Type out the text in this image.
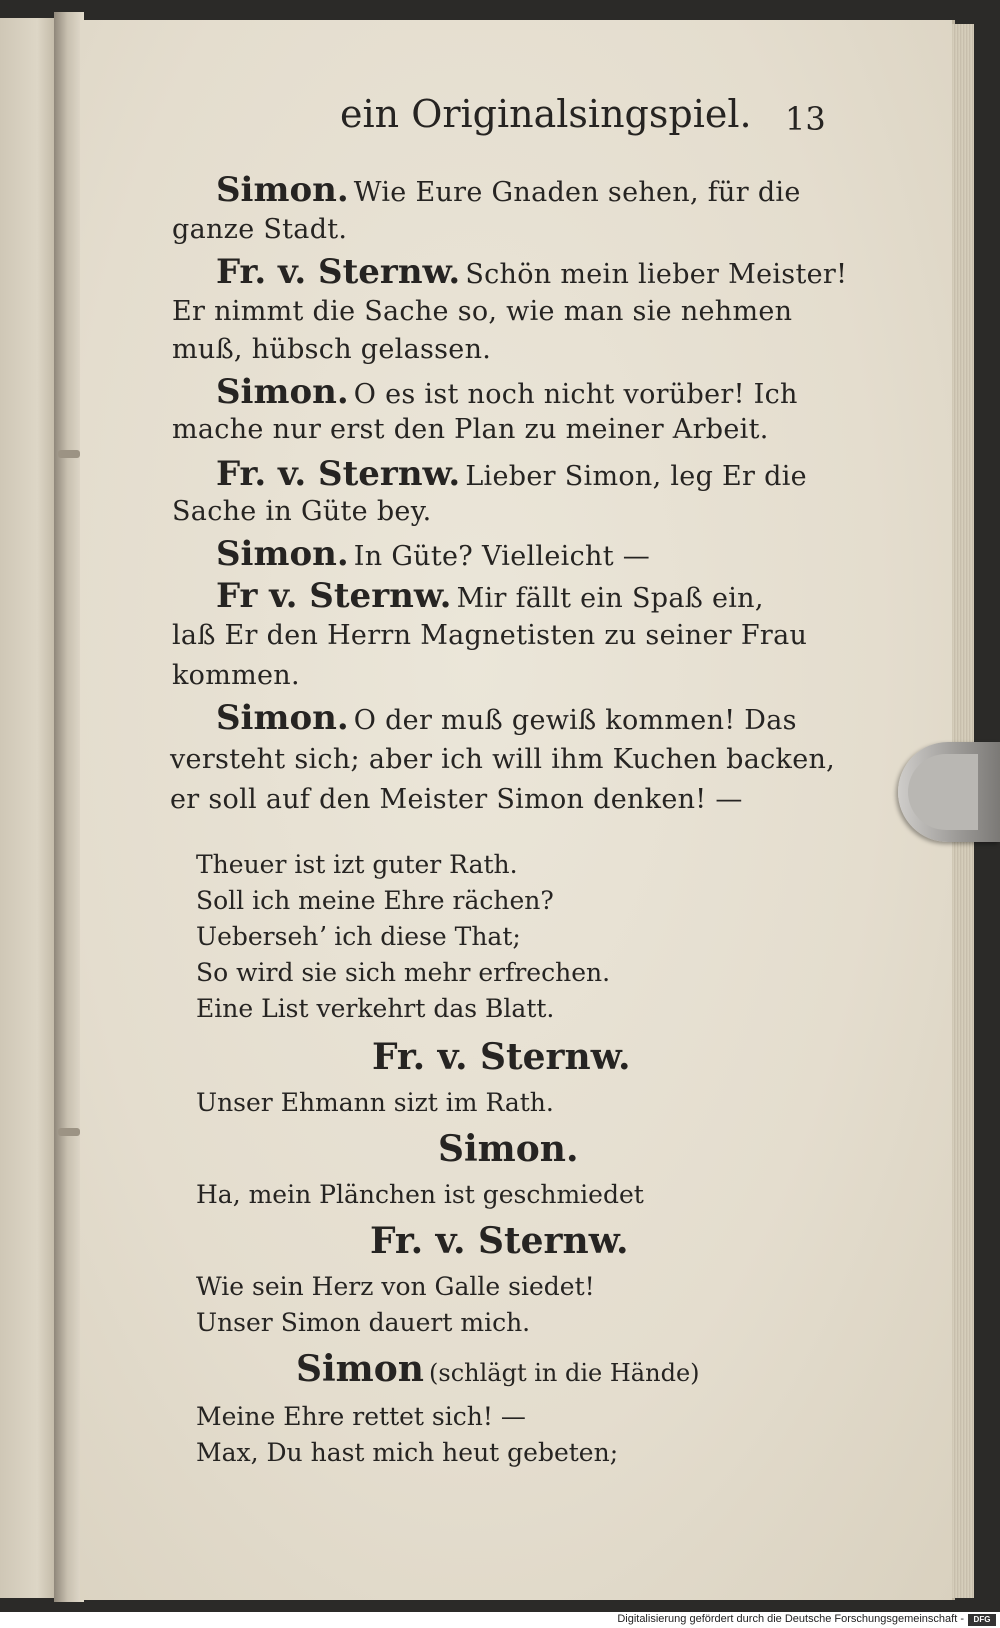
ein Originalsingspiel. 13
Simon. Wie Eure Gnaden sehen, für die
ganze Stadt.
Fr. v. Sternw. Schön mein lieber Meister!
Er nimmt die Sache so, wie man sie nehmen
muß, hübsch gelassen.
Simon. O es ist noch nicht vorüber! Ich
mache nur erst den Plan zu meiner Arbeit.
Fr. v. Sternw. Lieber Simon, leg Er die
Sache in Güte bey.
Simon. In Güte? Vielleicht —
Fr v. Sternw. Mir fällt ein Spaß ein,
laß Er den Herrn Magnetisten zu seiner Frau
kommen.
Simon. O der muß gewiß kommen! Das
versteht sich; aber ich will ihm Kuchen backen,
er soll auf den Meister Simon denken! —
Theuer ist izt guter Rath.
Soll ich meine Ehre rächen?
Uebersehʼ ich diese That;
So wird sie sich mehr erfrechen.
Eine List verkehrt das Blatt.
Fr. v. Sternw.
Unser Ehmann sizt im Rath.
Simon.
Ha, mein Plänchen ist geschmiedet
Fr. v. Sternw.
Wie sein Herz von Galle siedet!
Unser Simon dauert mich.
Simon (schlägt in die Hände)
Meine Ehre rettet sich! —
Max, Du hast mich heut gebeten;
Digitalisierung gefördert durch die Deutsche Forschungsgemeinschaft -	DFG
